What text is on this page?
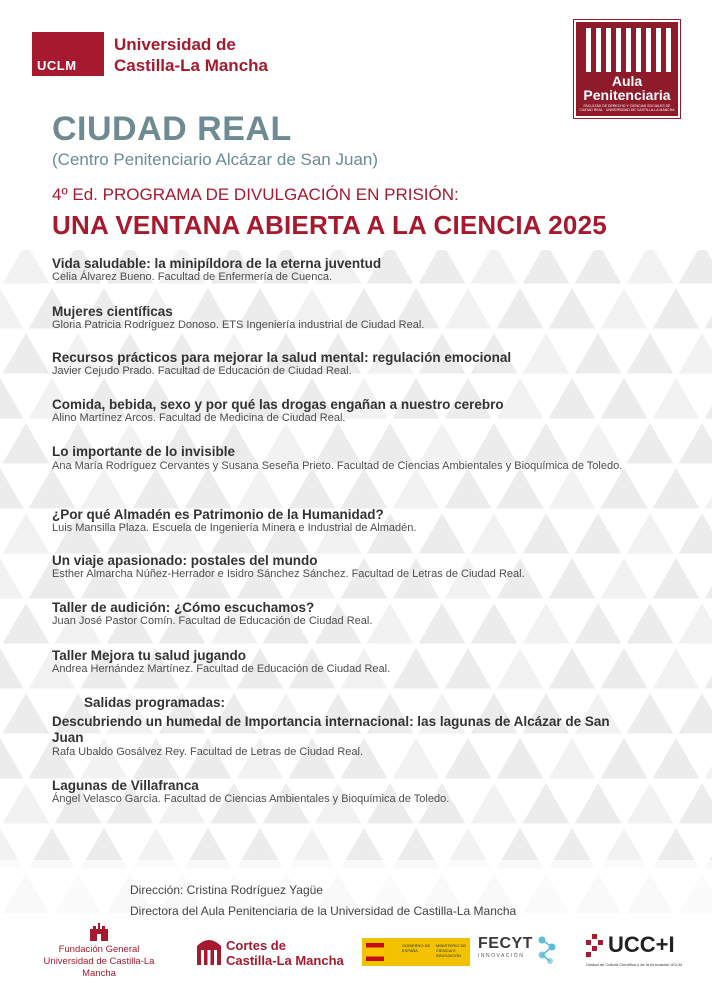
UCLM
Universidad de
Castilla-La Mancha
Aula
Penitenciaria
FACULTAD DE DERECHO Y CIENCIAS SOCIALES DE CIUDAD REAL · UNIVERSIDAD DE CASTILLA-LA MANCHA
CIUDAD REAL
(Centro Penitenciario Alcázar de San Juan)
4º Ed. PROGRAMA DE DIVULGACIÓN EN PRISIÓN:
UNA VENTANA ABIERTA A LA CIENCIA 2025
Vida saludable: la minipíldora de la eterna juventud
Celia Álvarez Bueno. Facultad de Enfermería de Cuenca.
Mujeres científicas
Gloria Patricia Rodríguez Donoso. ETS Ingeniería industrial de Ciudad Real.
Recursos prácticos para mejorar la salud mental: regulación emocional
Javier Cejudo Prado. Facultad de Educación de Ciudad Real.
Comida, bebida, sexo y por qué las drogas engañan a nuestro cerebro
Alino Martínez Arcos. Facultad de Medicina de Ciudad Real.
Lo importante de lo invisible
Ana María Rodríguez Cervantes y Susana Seseña Prieto. Facultad de Ciencias Ambientales y Bioquímica de Toledo.
¿Por qué Almadén es Patrimonio de la Humanidad?
Luis Mansilla Plaza. Escuela de Ingeniería Minera e Industrial de Almadén.
Un viaje apasionado: postales del mundo
Esther Almarcha Núñez-Herrador e Isidro Sánchez Sánchez. Facultad de Letras de Ciudad Real.
Taller de audición: ¿Cómo escuchamos?
Juan José Pastor Comín. Facultad de Educación de Ciudad Real.
Taller Mejora tu salud jugando
Andrea Hernández Martínez. Facultad de Educación de Ciudad Real.
Salidas programadas:
Descubriendo un humedal de Importancia internacional: las lagunas de Alcázar de San Juan
Rafa Ubaldo Gosálvez Rey. Facultad de Letras de Ciudad Real.
Lagunas de Villafranca
Ángel Velasco García. Facultad de Ciencias Ambientales y Bioquímica de Toledo.
Dirección: Cristina Rodríguez Yagüe
Directora del Aula Penitenciaria de la Universidad de Castilla-La Mancha
Fundación General
Universidad de Castilla-La Mancha
Cortes de
Castilla-La Mancha
GOBIERNO DE ESPAÑA
MINISTERIO DE CIENCIA E INNOVACIÓN
FECYT
INNOVACIÓN	UCC+I
Unidad de Cultura Científica y de la Innovación UCLM
